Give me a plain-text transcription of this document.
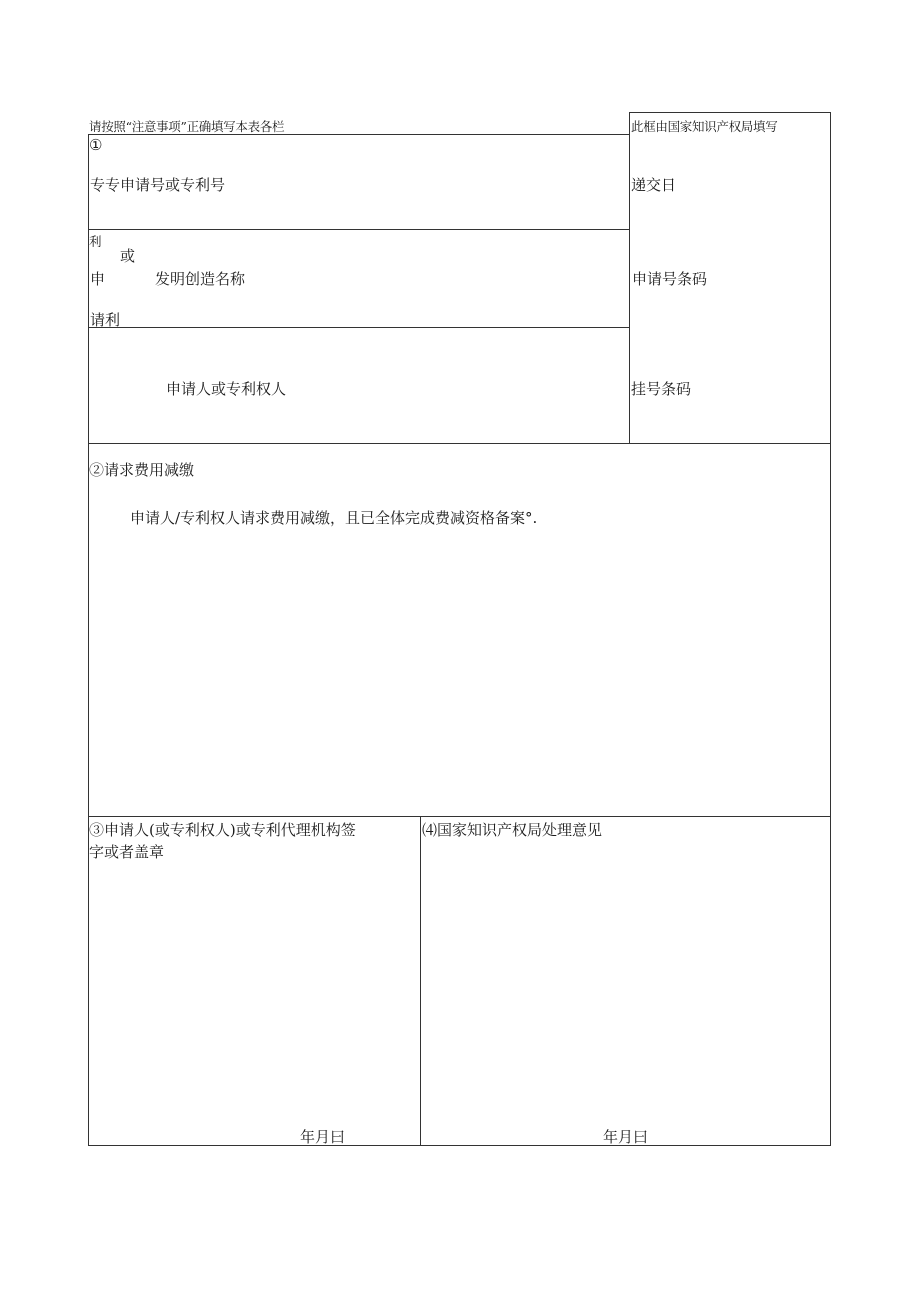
请按照“注意事项”正确填写本表各栏	此框由国家知识产权局填写
①
专专申请号或专利号
利
或
申	发明创造名称
请利
申请人或专利权人
递交日
申请号条码
挂号条码
②请求费用减缴
申请人/专利权人请求费用减缴，且已全体完成费减资格备案°.
③申请人(或专利权人)或专利代理机构签
字或者盖章
年月曰
⑷国家知识产权局处理意见
年月曰
